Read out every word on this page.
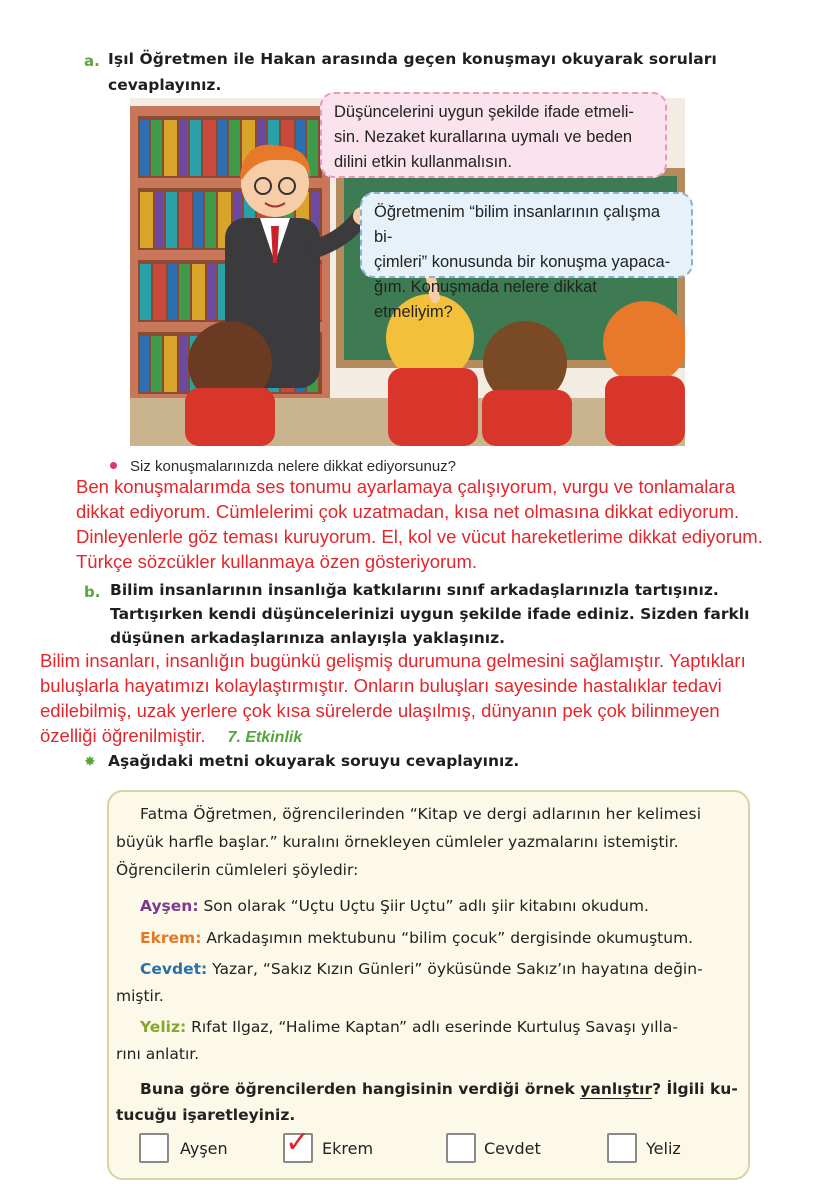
a. Işıl Öğretmen ile Hakan arasında geçen konuşmayı okuyarak soruları
cevaplayınız.
Düşüncelerini uygun şekilde ifade etmeli-
sin. Nezaket kurallarına uymalı ve beden
dilini etkin kullanmalısın.
Öğretmenim “bilim insanlarının çalışma bi-
çimleri” konusunda bir konuşma yapaca-
ğım. Konuşmada nelere dikkat etmeliyim?
Siz konuşmalarınızda nelere dikkat ediyorsunuz?
Ben konuşmalarımda ses tonumu ayarlamaya çalışıyorum, vurgu ve tonlamalara
dikkat ediyorum. Cümlelerimi çok uzatmadan, kısa net olmasına dikkat ediyorum.
Dinleyenlerle göz teması kuruyorum. El, kol ve vücut hareketlerime dikkat ediyorum.
Türkçe sözcükler kullanmaya özen gösteriyorum.
b. Bilim insanlarının insanlığa katkılarını sınıf arkadaşlarınızla tartışınız.
Tartışırken kendi düşüncelerinizi uygun şekilde ifade ediniz. Sizden farklı
düşünen arkadaşlarınıza anlayışla yaklaşınız.
Bilim insanları, insanlığın bugünkü gelişmiş durumuna gelmesini sağlamıştır. Yaptıkları
buluşlarla hayatımızı kolaylaştırmıştır. Onların buluşları sayesinde hastalıklar tedavi
edilebilmiş, uzak yerlere çok kısa sürelerde ulaşılmış, dünyanın pek çok bilinmeyen
özelliği öğrenilmiştir. 7. Etkinlik
✸ Aşağıdaki metni okuyarak soruyu cevaplayınız.
Fatma Öğretmen, öğrencilerinden “Kitap ve dergi adlarının her kelimesi
büyük harfle başlar.” kuralını örnekleyen cümleler yazmalarını istemiştir.
Öğrencilerin cümleleri şöyledir:
Ayşen: Son olarak “Uçtu Uçtu Şiir Uçtu” adlı şiir kitabını okudum.
Ekrem: Arkadaşımın mektubunu “bilim çocuk” dergisinde okumuştum.
Cevdet: Yazar, “Sakız Kızın Günleri” öyküsünde Sakız’ın hayatına değin-
miştir.
Yeliz: Rıfat Ilgaz, “Halime Kaptan” adlı eserinde Kurtuluş Savaşı yılla-
rını anlatır.
Buna göre öğrencilerden hangisinin verdiği örnek yanlıştır? İlgili ku-
tucuğu işaretleyiniz.
Ayşen ✓ Ekrem	Cevdet	Yeliz
